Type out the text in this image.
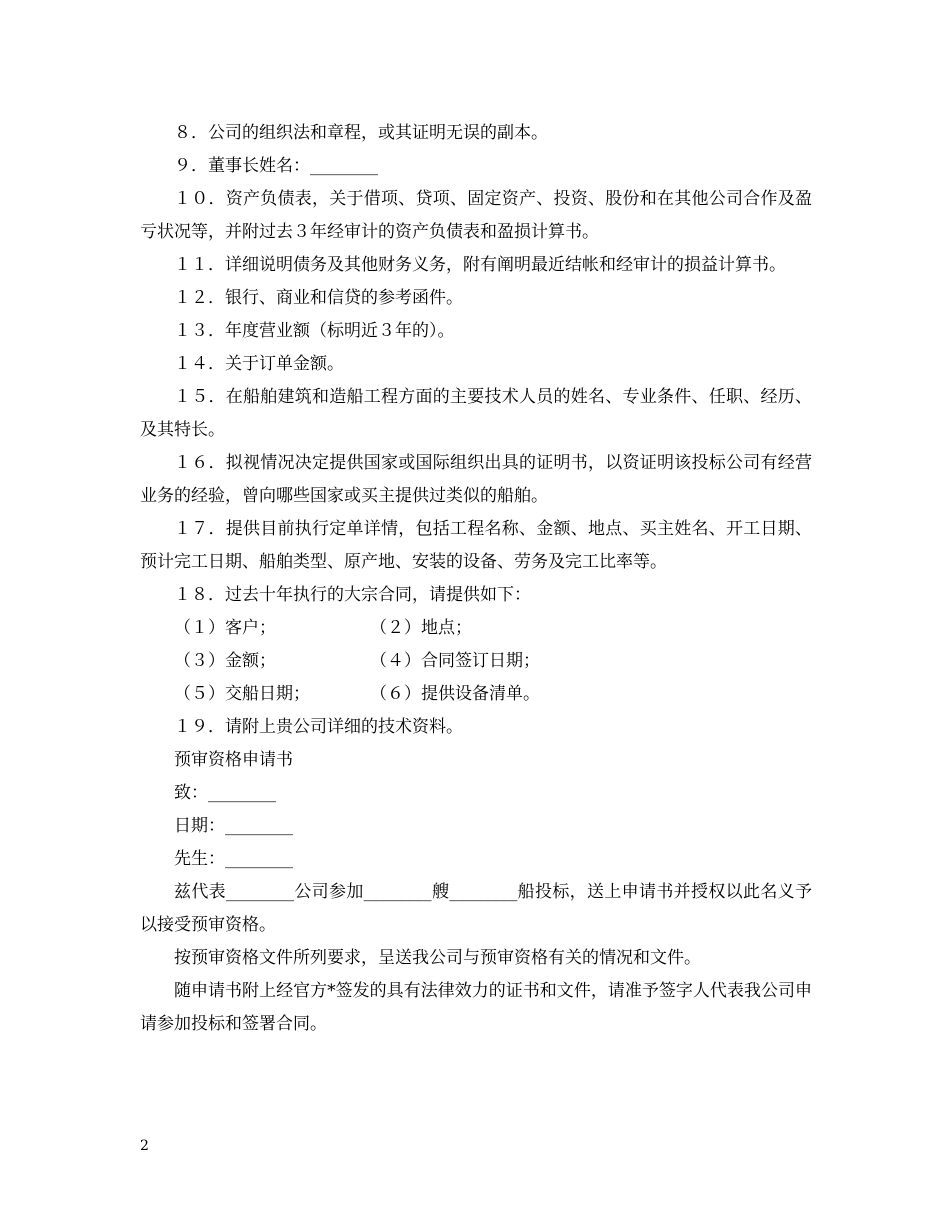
８．公司的组织法和章程，或其证明无误的副本。

９．董事长姓名：________

１０．资产负债表，关于借项、贷项、固定资产、投资、股份和在其他公司合作及盈亏状况等，并附过去３年经审计的资产负债表和盈损计算书。

１１．详细说明债务及其他财务义务，附有阐明最近结帐和经审计的损益计算书。

１２．银行、商业和信贷的参考函件。

１３．年度营业额（标明近３年的）。

１４．关于订单金额。

１５．在船舶建筑和造船工程方面的主要技术人员的姓名、专业条件、任职、经历、及其特长。

１６．拟视情况决定提供国家或国际组织出具的证明书，以资证明该投标公司有经营业务的经验，曾向哪些国家或买主提供过类似的船舶。

１７．提供目前执行定单详情，包括工程名称、金额、地点、买主姓名、开工日期、预计完工日期、船舶类型、原产地、安装的设备、劳务及完工比率等。

１８．过去十年执行的大宗合同，请提供如下：

（１）客户；	（２）地点；
（３）金额；	（４）合同签订日期；
（５）交船日期；	（６）提供设备清单。

１９．请附上贵公司详细的技术资料。

预审资格申请书

致：________

日期：________

先生：________

兹代表________公司参加________艘________船投标，送上申请书并授权以此名义予以接受预审资格。

按预审资格文件所列要求，呈送我公司与预审资格有关的情况和文件。

随申请书附上经官方*签发的具有法律效力的证书和文件，请准予签字人代表我公司申请参加投标和签署合同。

2
